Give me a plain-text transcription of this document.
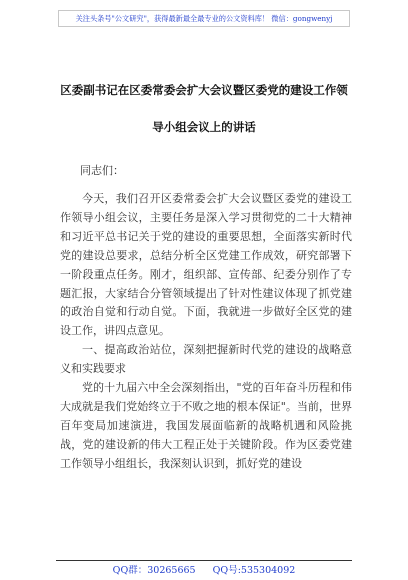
关注头条号"公文研究"，获得最新最全最专业的公文资料库！ 微信：gongwenyj
区委副书记在区委常委会扩大会议暨区委党的建设工作领
导小组会议上的讲话
同志们：

今天，我们召开区委常委会扩大会议暨区委党的建设工作领导小组会议，主要任务是深入学习贯彻党的二十大精神和习近平总书记关于党的建设的重要思想，全面落实新时代党的建设总要求，总结分析全区党建工作成效，研究部署下一阶段重点任务。刚才，组织部、宣传部、纪委分别作了专题汇报，大家结合分管领域提出了针对性建议体现了抓党建的政治自觉和行动自觉。下面，我就进一步做好全区党的建设工作，讲四点意见。

一、提高政治站位，深刻把握新时代党的建设的战略意义和实践要求

党的十九届六中全会深刻指出，"党的百年奋斗历程和伟大成就是我们党始终立于不败之地的根本保证"。当前，世界百年变局加速演进，我国发展面临新的战略机遇和风险挑战，党的建设新的伟大工程正处于关键阶段。作为区委党建工作领导小组组长，我深刻认识到，抓好党的建设

QQ群：30265665 QQ号:535304092
